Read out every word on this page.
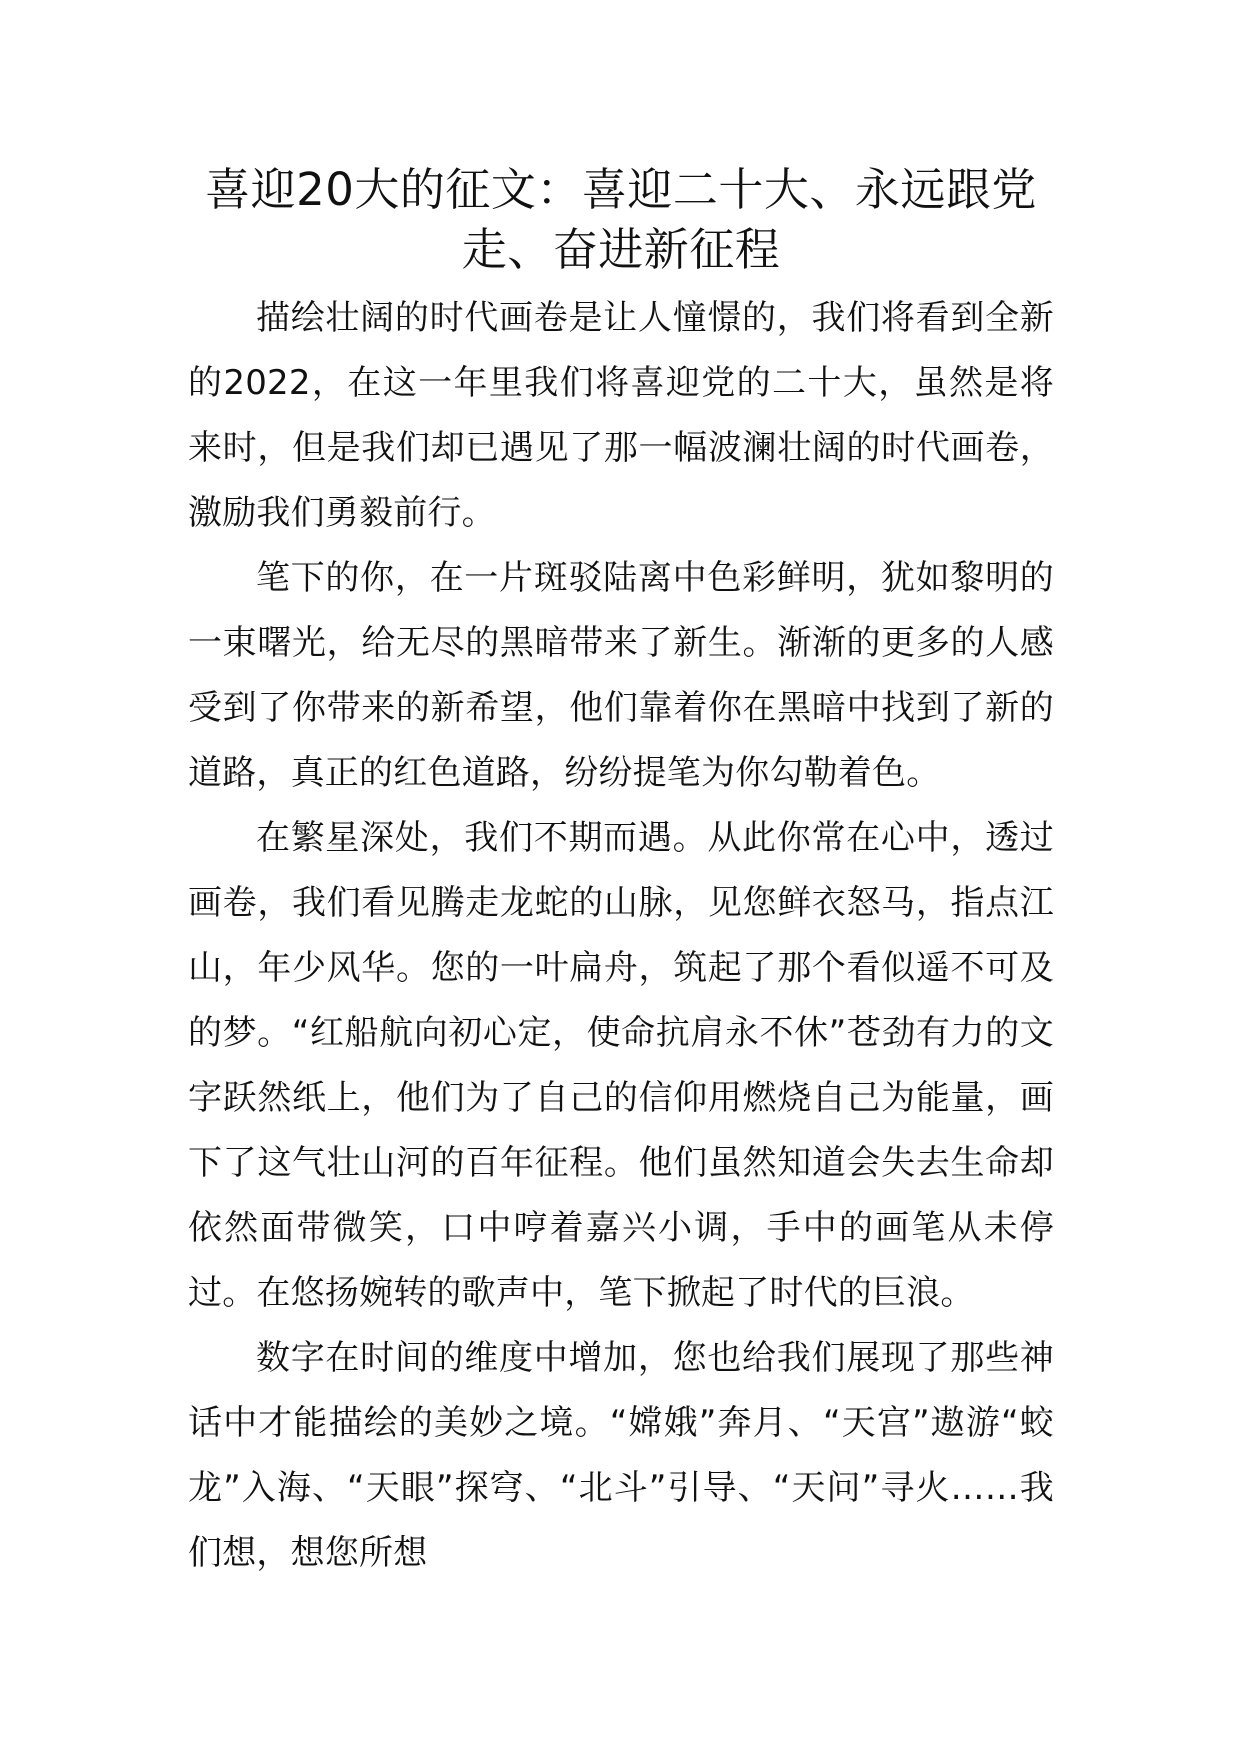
喜迎20大的征文：喜迎二十大、永远跟党走、奋进新征程

描绘壮阔的时代画卷是让人憧憬的，我们将看到全新的2022，在这一年里我们将喜迎党的二十大，虽然是将来时，但是我们却已遇见了那一幅波澜壮阔的时代画卷，激励我们勇毅前行。

笔下的你，在一片斑驳陆离中色彩鲜明，犹如黎明的一束曙光，给无尽的黑暗带来了新生。渐渐的更多的人感受到了你带来的新希望，他们靠着你在黑暗中找到了新的道路，真正的红色道路，纷纷提笔为你勾勒着色。

在繁星深处，我们不期而遇。从此你常在心中，透过画卷，我们看见腾走龙蛇的山脉，见您鲜衣怒马，指点江山，年少风华。您的一叶扁舟，筑起了那个看似遥不可及的梦。“红船航向初心定，使命抗肩永不休”苍劲有力的文字跃然纸上，他们为了自己的信仰用燃烧自己为能量，画下了这气壮山河的百年征程。他们虽然知道会失去生命却依然面带微笑，口中哼着嘉兴小调，手中的画笔从未停过。在悠扬婉转的歌声中，笔下掀起了时代的巨浪。

数字在时间的维度中增加，您也给我们展现了那些神话中才能描绘的美妙之境。“嫦娥”奔月、“天宫”遨游“蛟龙”入海、“天眼”探穹、“北斗”引导、“天问”寻火……我们想，想您所想
